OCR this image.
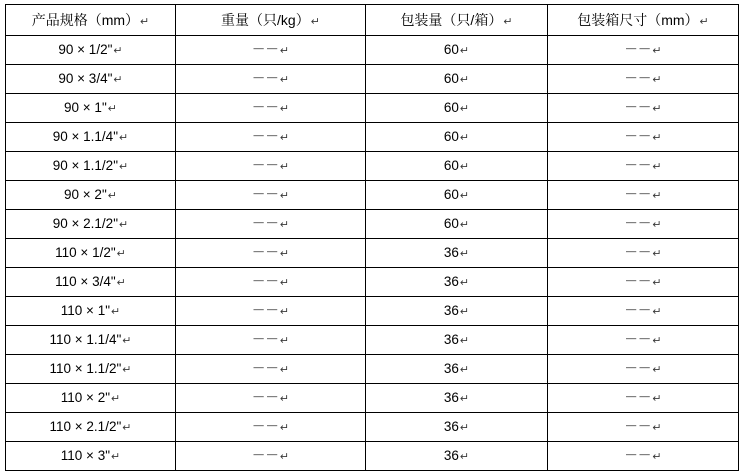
产品规格（mm）↵	重量（只/kg）↵	包装量（只/箱）↵	包装箱尺寸（mm）↵
90 × 1/2"↵	－－↵	60↵	－－↵
90 × 3/4"↵	－－↵	60↵	－－↵
90 × 1"↵	－－↵	60↵	－－↵
90 × 1.1/4"↵	－－↵	60↵	－－↵
90 × 1.1/2"↵	－－↵	60↵	－－↵
90 × 2"↵	－－↵	60↵	－－↵
90 × 2.1/2"↵	－－↵	60↵	－－↵
110 × 1/2"↵	－－↵	36↵	－－↵
110 × 3/4"↵	－－↵	36↵	－－↵
110 × 1"↵	－－↵	36↵	－－↵
110 × 1.1/4"↵	－－↵	36↵	－－↵
110 × 1.1/2"↵	－－↵	36↵	－－↵
110 × 2"↵	－－↵	36↵	－－↵
110 × 2.1/2"↵	－－↵	36↵	－－↵
110 × 3"↵	－－↵	36↵	－－↵
